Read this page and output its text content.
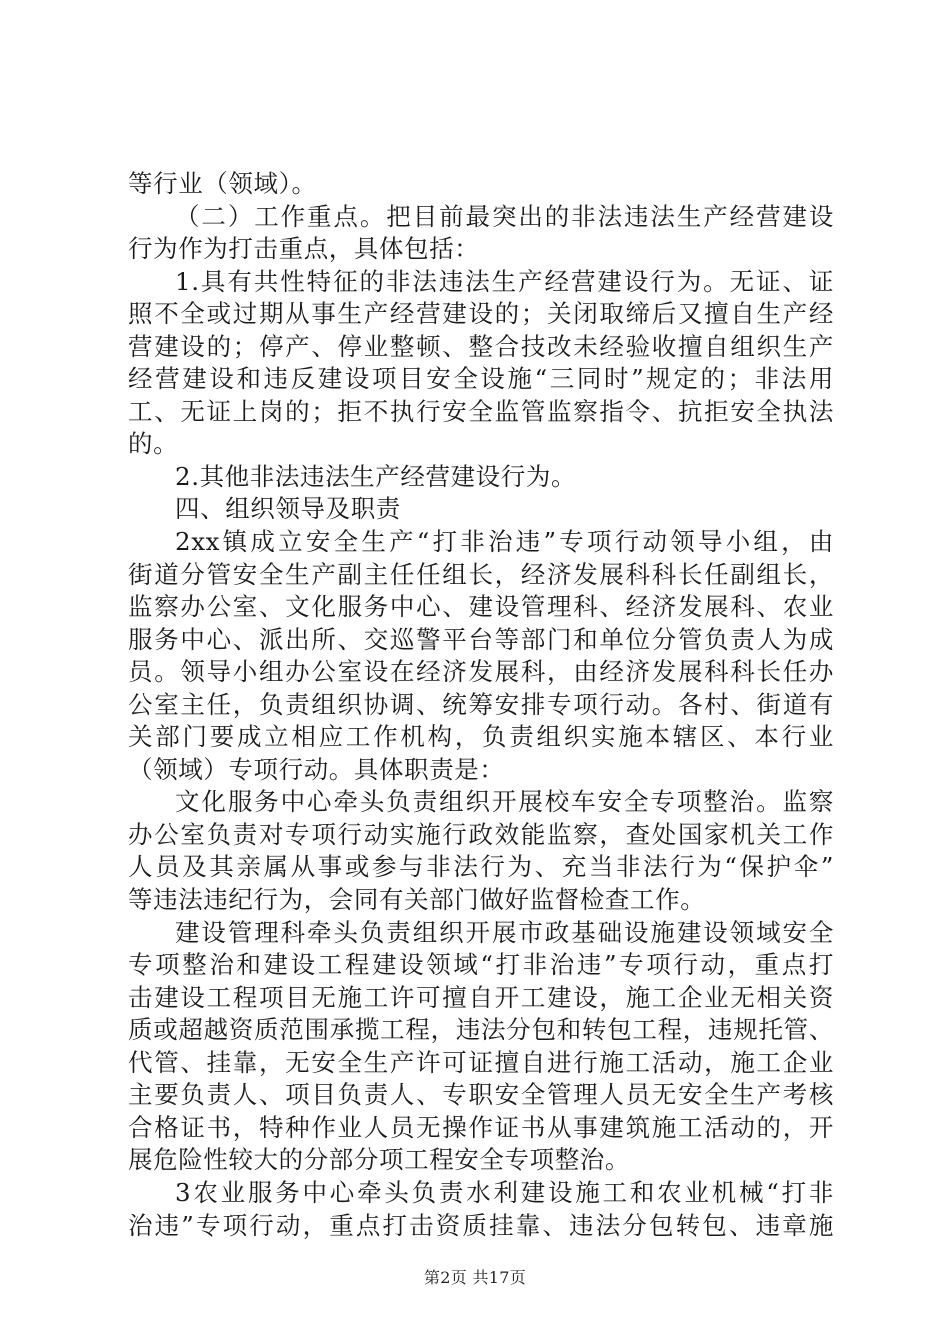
等行业（领域）。
（二）工作重点。把目前最突出的非法违法生产经营建设
行为作为打击重点，具体包括：
1.具有共性特征的非法违法生产经营建设行为。无证、证
照不全或过期从事生产经营建设的；关闭取缔后又擅自生产经
营建设的；停产、停业整顿、整合技改未经验收擅自组织生产
经营建设和违反建设项目安全设施“三同时”规定的；非法用
工、无证上岗的；拒不执行安全监管监察指令、抗拒安全执法
的。
2.其他非法违法生产经营建设行为。
四、组织领导及职责
2xx镇成立安全生产“打非治违”专项行动领导小组，由
街道分管安全生产副主任任组长，经济发展科科长任副组长，
监察办公室、文化服务中心、建设管理科、经济发展科、农业
服务中心、派出所、交巡警平台等部门和单位分管负责人为成
员。领导小组办公室设在经济发展科，由经济发展科科长任办
公室主任，负责组织协调、统筹安排专项行动。各村、街道有
关部门要成立相应工作机构，负责组织实施本辖区、本行业
（领域）专项行动。具体职责是：
文化服务中心牵头负责组织开展校车安全专项整治。监察
办公室负责对专项行动实施行政效能监察，查处国家机关工作
人员及其亲属从事或参与非法行为、充当非法行为“保护伞”
等违法违纪行为，会同有关部门做好监督检查工作。
建设管理科牵头负责组织开展市政基础设施建设领域安全
专项整治和建设工程建设领域“打非治违”专项行动，重点打
击建设工程项目无施工许可擅自开工建设，施工企业无相关资
质或超越资质范围承揽工程，违法分包和转包工程，违规托管、
代管、挂靠，无安全生产许可证擅自进行施工活动，施工企业
主要负责人、项目负责人、专职安全管理人员无安全生产考核
合格证书，特种作业人员无操作证书从事建筑施工活动的，开
展危险性较大的分部分项工程安全专项整治。
3农业服务中心牵头负责水利建设施工和农业机械“打非
治违”专项行动，重点打击资质挂靠、违法分包转包、违章施
第2页 共17页
